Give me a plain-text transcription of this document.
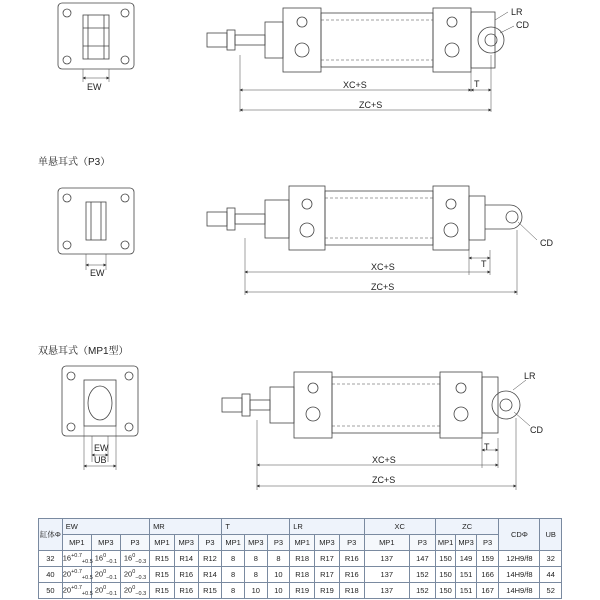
EW
LR
CD
T
XC+S
ZC+S
单悬耳式（P3）
EW
CD
T
XC+S
ZC+S
双悬耳式（MP1型）
EW
UB
LR
CD
T
XC+S
ZC+S
缸体Φ	EW			MR			T			LR			XC		ZC			CDΦ	UB
	MP1	MP3	P3	MP1	MP3	P3	MP1	MP3	P3	MP1	MP3	P3	MP1	P3	MP1	MP3	P3		
32	$16^{+0.7}_{+0.5}$	$16^0_{-0.1}$	$16^0_{-0.3}$	R15	R14	R12	8	8	8	R18	R17	R16	137	147	150	149	159	12H9/f8	32
40	$20^{+0.7}_{+0.5}$	$20^0_{-0.1}$	$20^0_{-0.3}$	R15	R16	R14	8	8	10	R18	R17	R16	137	152	150	151	166	14H9/f8	44
50	$20^{+0.7}_{+0.5}$	$20^0_{-0.1}$	$20^0_{-0.3}$	R15	R16	R15	8	10	10	R19	R19	R18	137	152	150	151	167	14H9/f8	52
